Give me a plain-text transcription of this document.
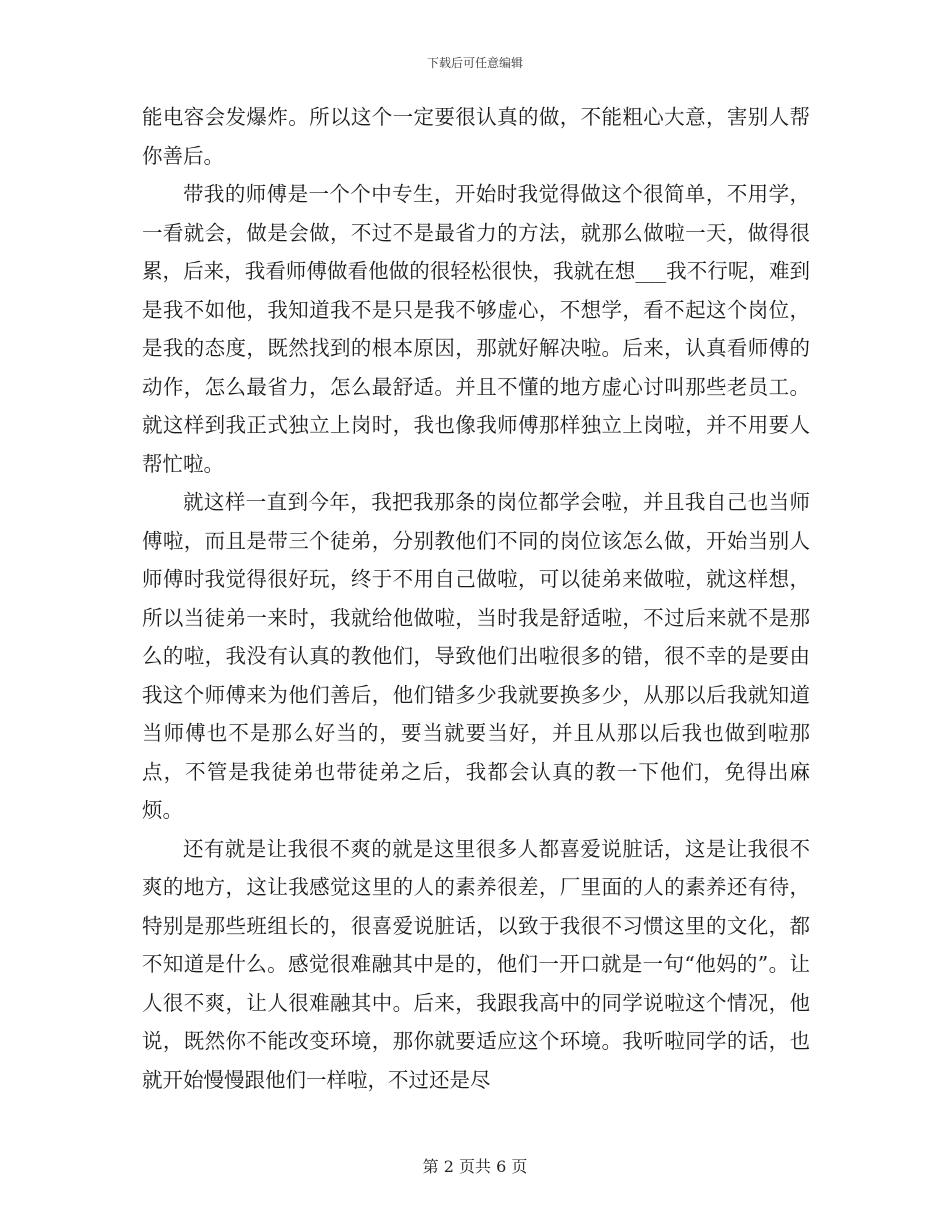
下载后可任意编辑

能电容会发爆炸。所以这个一定要很认真的做，不能粗心大意，害别人帮你善后。

带我的师傅是一个个中专生，开始时我觉得做这个很简单，不用学，一看就会，做是会做，不过不是最省力的方法，就那么做啦一天，做得很累，后来，我看师傅做看他做的很轻松很快，我就在想___我不行呢，难到是我不如他，我知道我不是只是我不够虚心，不想学，看不起这个岗位，是我的态度，既然找到的根本原因，那就好解决啦。后来，认真看师傅的动作，怎么最省力，怎么最舒适。并且不懂的地方虚心讨叫那些老员工。就这样到我正式独立上岗时，我也像我师傅那样独立上岗啦，并不用要人帮忙啦。

就这样一直到今年，我把我那条的岗位都学会啦，并且我自己也当师傅啦，而且是带三个徒弟，分别教他们不同的岗位该怎么做，开始当别人师傅时我觉得很好玩，终于不用自己做啦，可以徒弟来做啦，就这样想，所以当徒弟一来时，我就给他做啦，当时我是舒适啦，不过后来就不是那么的啦，我没有认真的教他们，导致他们出啦很多的错，很不幸的是要由我这个师傅来为他们善后，他们错多少我就要换多少，从那以后我就知道当师傅也不是那么好当的，要当就要当好，并且从那以后我也做到啦那点，不管是我徒弟也带徒弟之后，我都会认真的教一下他们，免得出麻烦。

还有就是让我很不爽的就是这里很多人都喜爱说脏话，这是让我很不爽的地方，这让我感觉这里的人的素养很差，厂里面的人的素养还有待，特别是那些班组长的，很喜爱说脏话，以致于我很不习惯这里的文化，都不知道是什么。感觉很难融其中是的，他们一开口就是一句“他妈的”。让人很不爽，让人很难融其中。后来，我跟我高中的同学说啦这个情况，他说，既然你不能改变环境，那你就要适应这个环境。我听啦同学的话，也就开始慢慢跟他们一样啦，不过还是尽

第 2 页共 6 页
